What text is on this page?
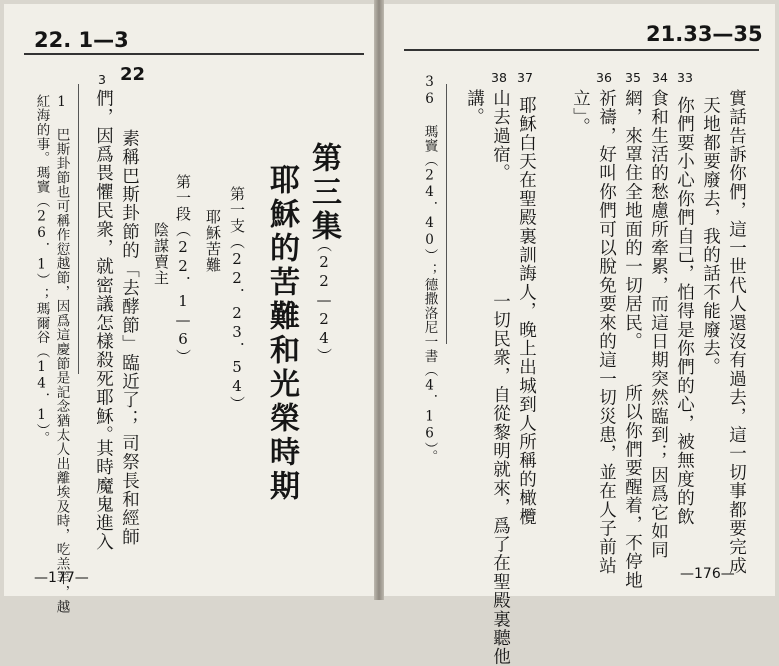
22. 1—3
22
第三集
（22—24）
耶穌的苦難和光榮時期
第一支（22．23．54）
耶穌苦難
第一段（22．1—6）
陰謀賣主
素稱巴斯卦節的「去酵節」臨近了；
司祭長和經師
們，因爲畏懼民衆，就密議怎樣殺死耶穌。
其時魔鬼進入
3
1 巴斯卦節也可稱作愆越節，因爲這慶節是記念猶太人出離埃及時，吃羔羊，越
紅海的事。瑪竇（26．1）；瑪爾谷（14．1）。
—177—
21.33—35
38 37	36 35 34 33
實話告訴你們，這一世代人還沒有過去，這一切事都要完成
天地都要廢去，我的話不能廢去。
你們要小心你們自己，怕得是你們的心，被無度的飲
食和生活的愁慮所牽累，而這日期突然臨到；
因爲它如同
網，來罩住全地面的一切居民。
所以你們要醒着，不停地
祈禱，好叫你們可以脫免要來的這一切災患，並在人子前站
立」。
耶穌白天在聖殿裏訓誨人，晚上出城到人所稱的橄欖
山去過宿。
一切民衆，自從黎明就來，爲了在聖殿裏聽他
講。
36 瑪竇（24．40）；德撒洛尼一書（4．16）。
—176—
